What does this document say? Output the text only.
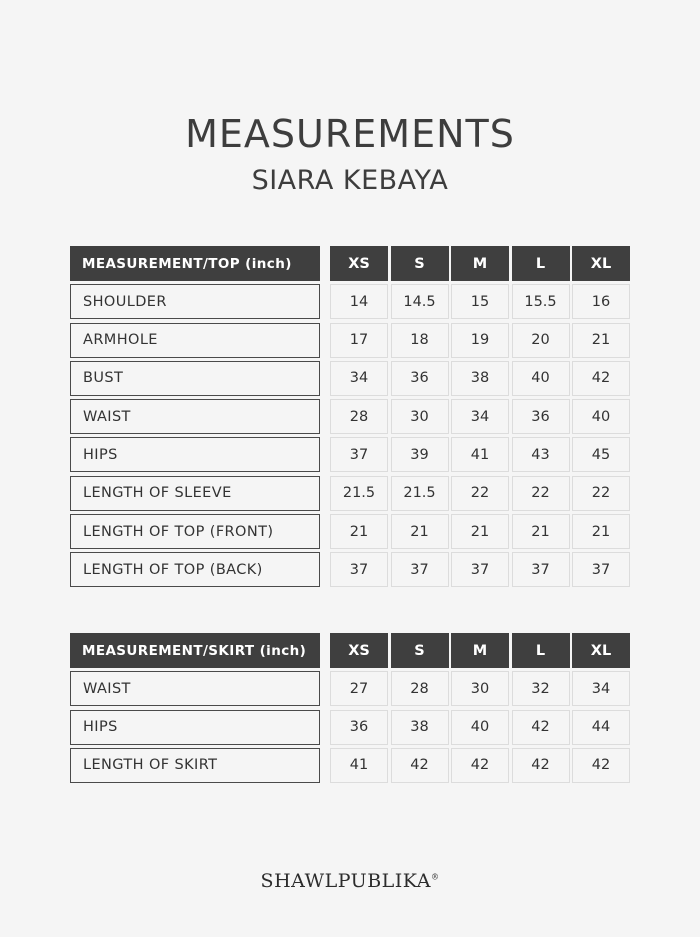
MEASUREMENTS
SIARA KEBAYA
MEASUREMENT/TOP (inch)	XS	S	M	L	XL
SHOULDER	14	14.5	15	15.5	16
ARMHOLE	17	18	19	20	21
BUST	34	36	38	40	42
WAIST	28	30	34	36	40
HIPS	37	39	41	43	45
LENGTH OF SLEEVE	21.5	21.5	22	22	22
LENGTH OF TOP (FRONT)	21	21	21	21	21
LENGTH OF TOP (BACK)	37	37	37	37	37
MEASUREMENT/SKIRT (inch)	XS	S	M	L	XL
WAIST	27	28	30	32	34
HIPS	36	38	40	42	44
LENGTH OF SKIRT	41	42	42	42	42
SHAWLPUBLIKA®
